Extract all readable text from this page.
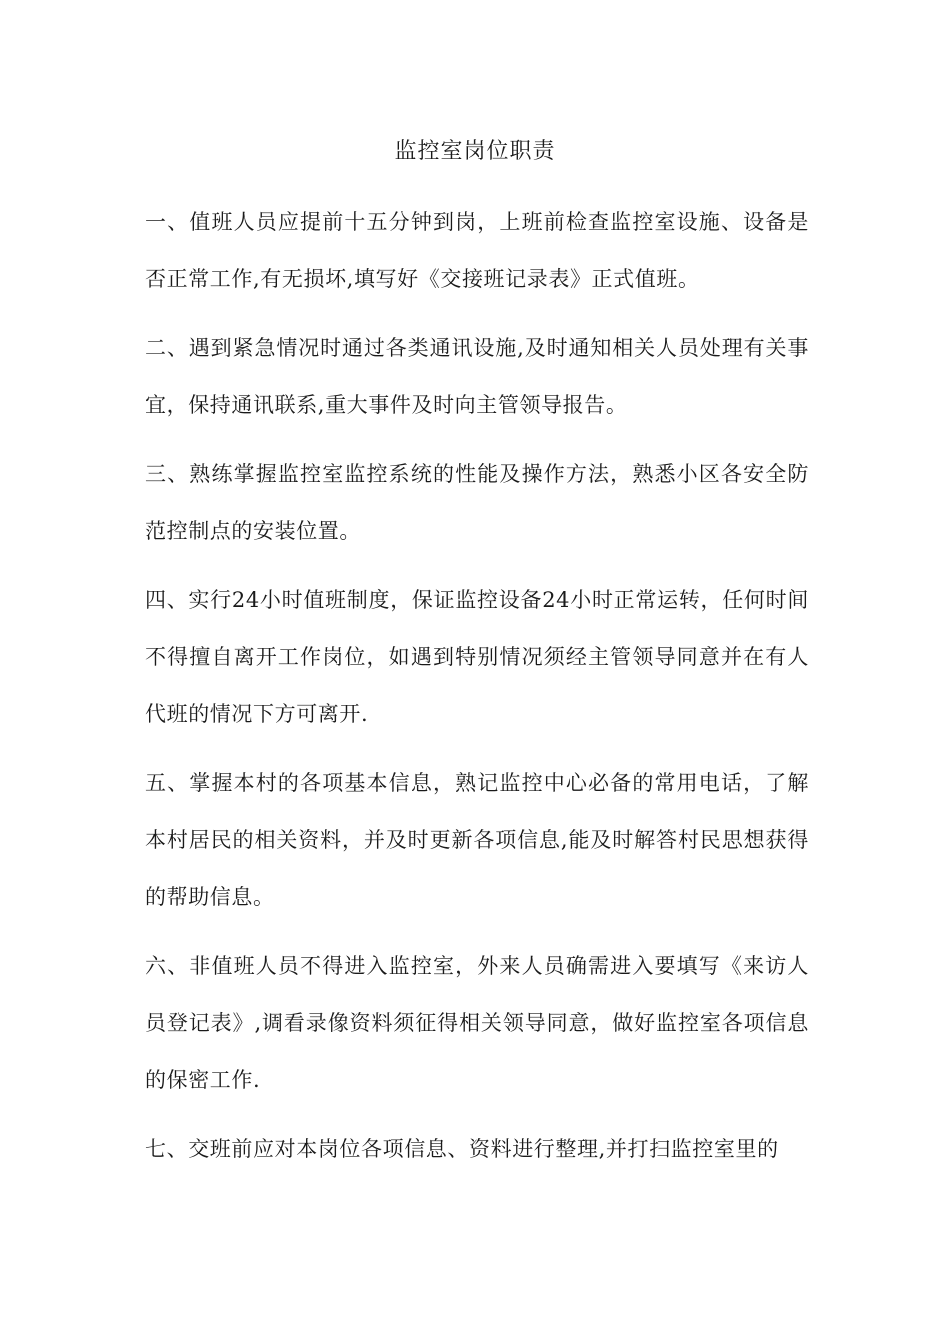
监控室岗位职责

一、值班人员应提前十五分钟到岗，上班前检查监控室设施、设备是否正常工作,有无损坏,填写好《交接班记录表》正式值班。

二、遇到紧急情况时通过各类通讯设施,及时通知相关人员处理有关事宜，保持通讯联系,重大事件及时向主管领导报告。

三、熟练掌握监控室监控系统的性能及操作方法，熟悉小区各安全防范控制点的安装位置。

四、实行24小时值班制度，保证监控设备24小时正常运转，任何时间不得擅自离开工作岗位，如遇到特别情况须经主管领导同意并在有人代班的情况下方可离开.

五、掌握本村的各项基本信息，熟记监控中心必备的常用电话，了解本村居民的相关资料，并及时更新各项信息,能及时解答村民思想获得的帮助信息。

六、非值班人员不得进入监控室，外来人员确需进入要填写《来访人员登记表》,调看录像资料须征得相关领导同意，做好监控室各项信息的保密工作.

七、交班前应对本岗位各项信息、资料进行整理,并打扫监控室里的
